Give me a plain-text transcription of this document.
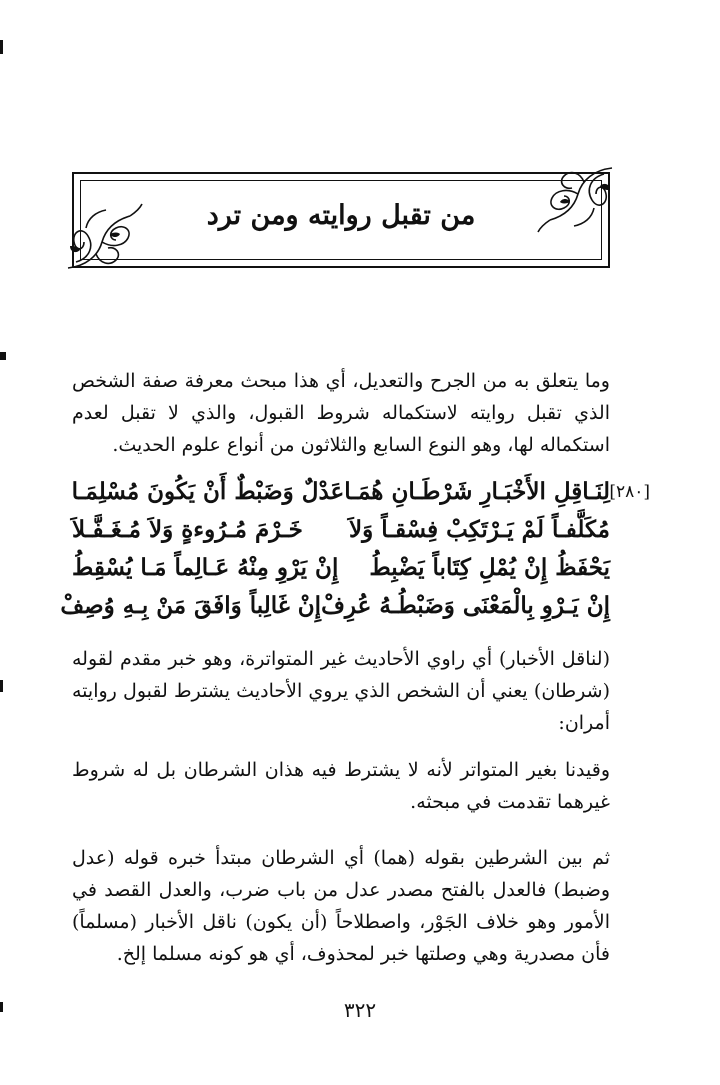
من تقبل روايته ومن ترد
وما يتعلق به من الجرح والتعديل، أي هذا مبحث معرفة صفة الشخص الذي تقبل روايته لاستكماله شروط القبول، والذي لا تقبل لعدم استكماله لها، وهو النوع السابع والثلاثون من أنواع علوم الحديث.
[٢٨٠]
لِنَـاقِلِ الأَخْبَـارِ شَرْطَـانِ هُمَـا
عَدْلٌ وَضَبْطٌ أَنْ يَكُونَ مُسْلِمَـا
مُكَلَّفـاً لَمْ يَـرْتَكِبْ فِسْقـاً وَلاَ
خَـرْمَ مُـرُوءةٍ وَلاَ مُـغَـفَّـلاَ
يَحْفَظُ إِنْ يُمْلِ كِتَاباً يَضْبِطُ
إِنْ يَرْوِ مِنْهُ عَـالِماً مَـا يُسْقِطُ
إِنْ يَـرْوِ بِالْمَعْنَى وَضَبْطُـهُ عُرِفْ
إِنْ غَالِباً وَافَقَ مَنْ بِـهِ وُصِفْ
(لناقل الأخبار) أي راوي الأحاديث غير المتواترة، وهو خبر مقدم لقوله (شرطان) يعني أن الشخص الذي يروي الأحاديث يشترط لقبول روايته أمران:
وقيدنا بغير المتواتر لأنه لا يشترط فيه هذان الشرطان بل له شروط غيرهما تقدمت في مبحثه.
ثم بين الشرطين بقوله (هما) أي الشرطان مبتدأ خبره قوله (عدل وضبط) فالعدل بالفتح مصدر عدل من باب ضرب، والعدل القصد في الأمور وهو خلاف الجَوْر، واصطلاحاً (أن يكون) ناقل الأخبار (مسلماً) فأن مصدرية وهي وصلتها خبر لمحذوف، أي هو كونه مسلما إلخ.
٣٢٢
